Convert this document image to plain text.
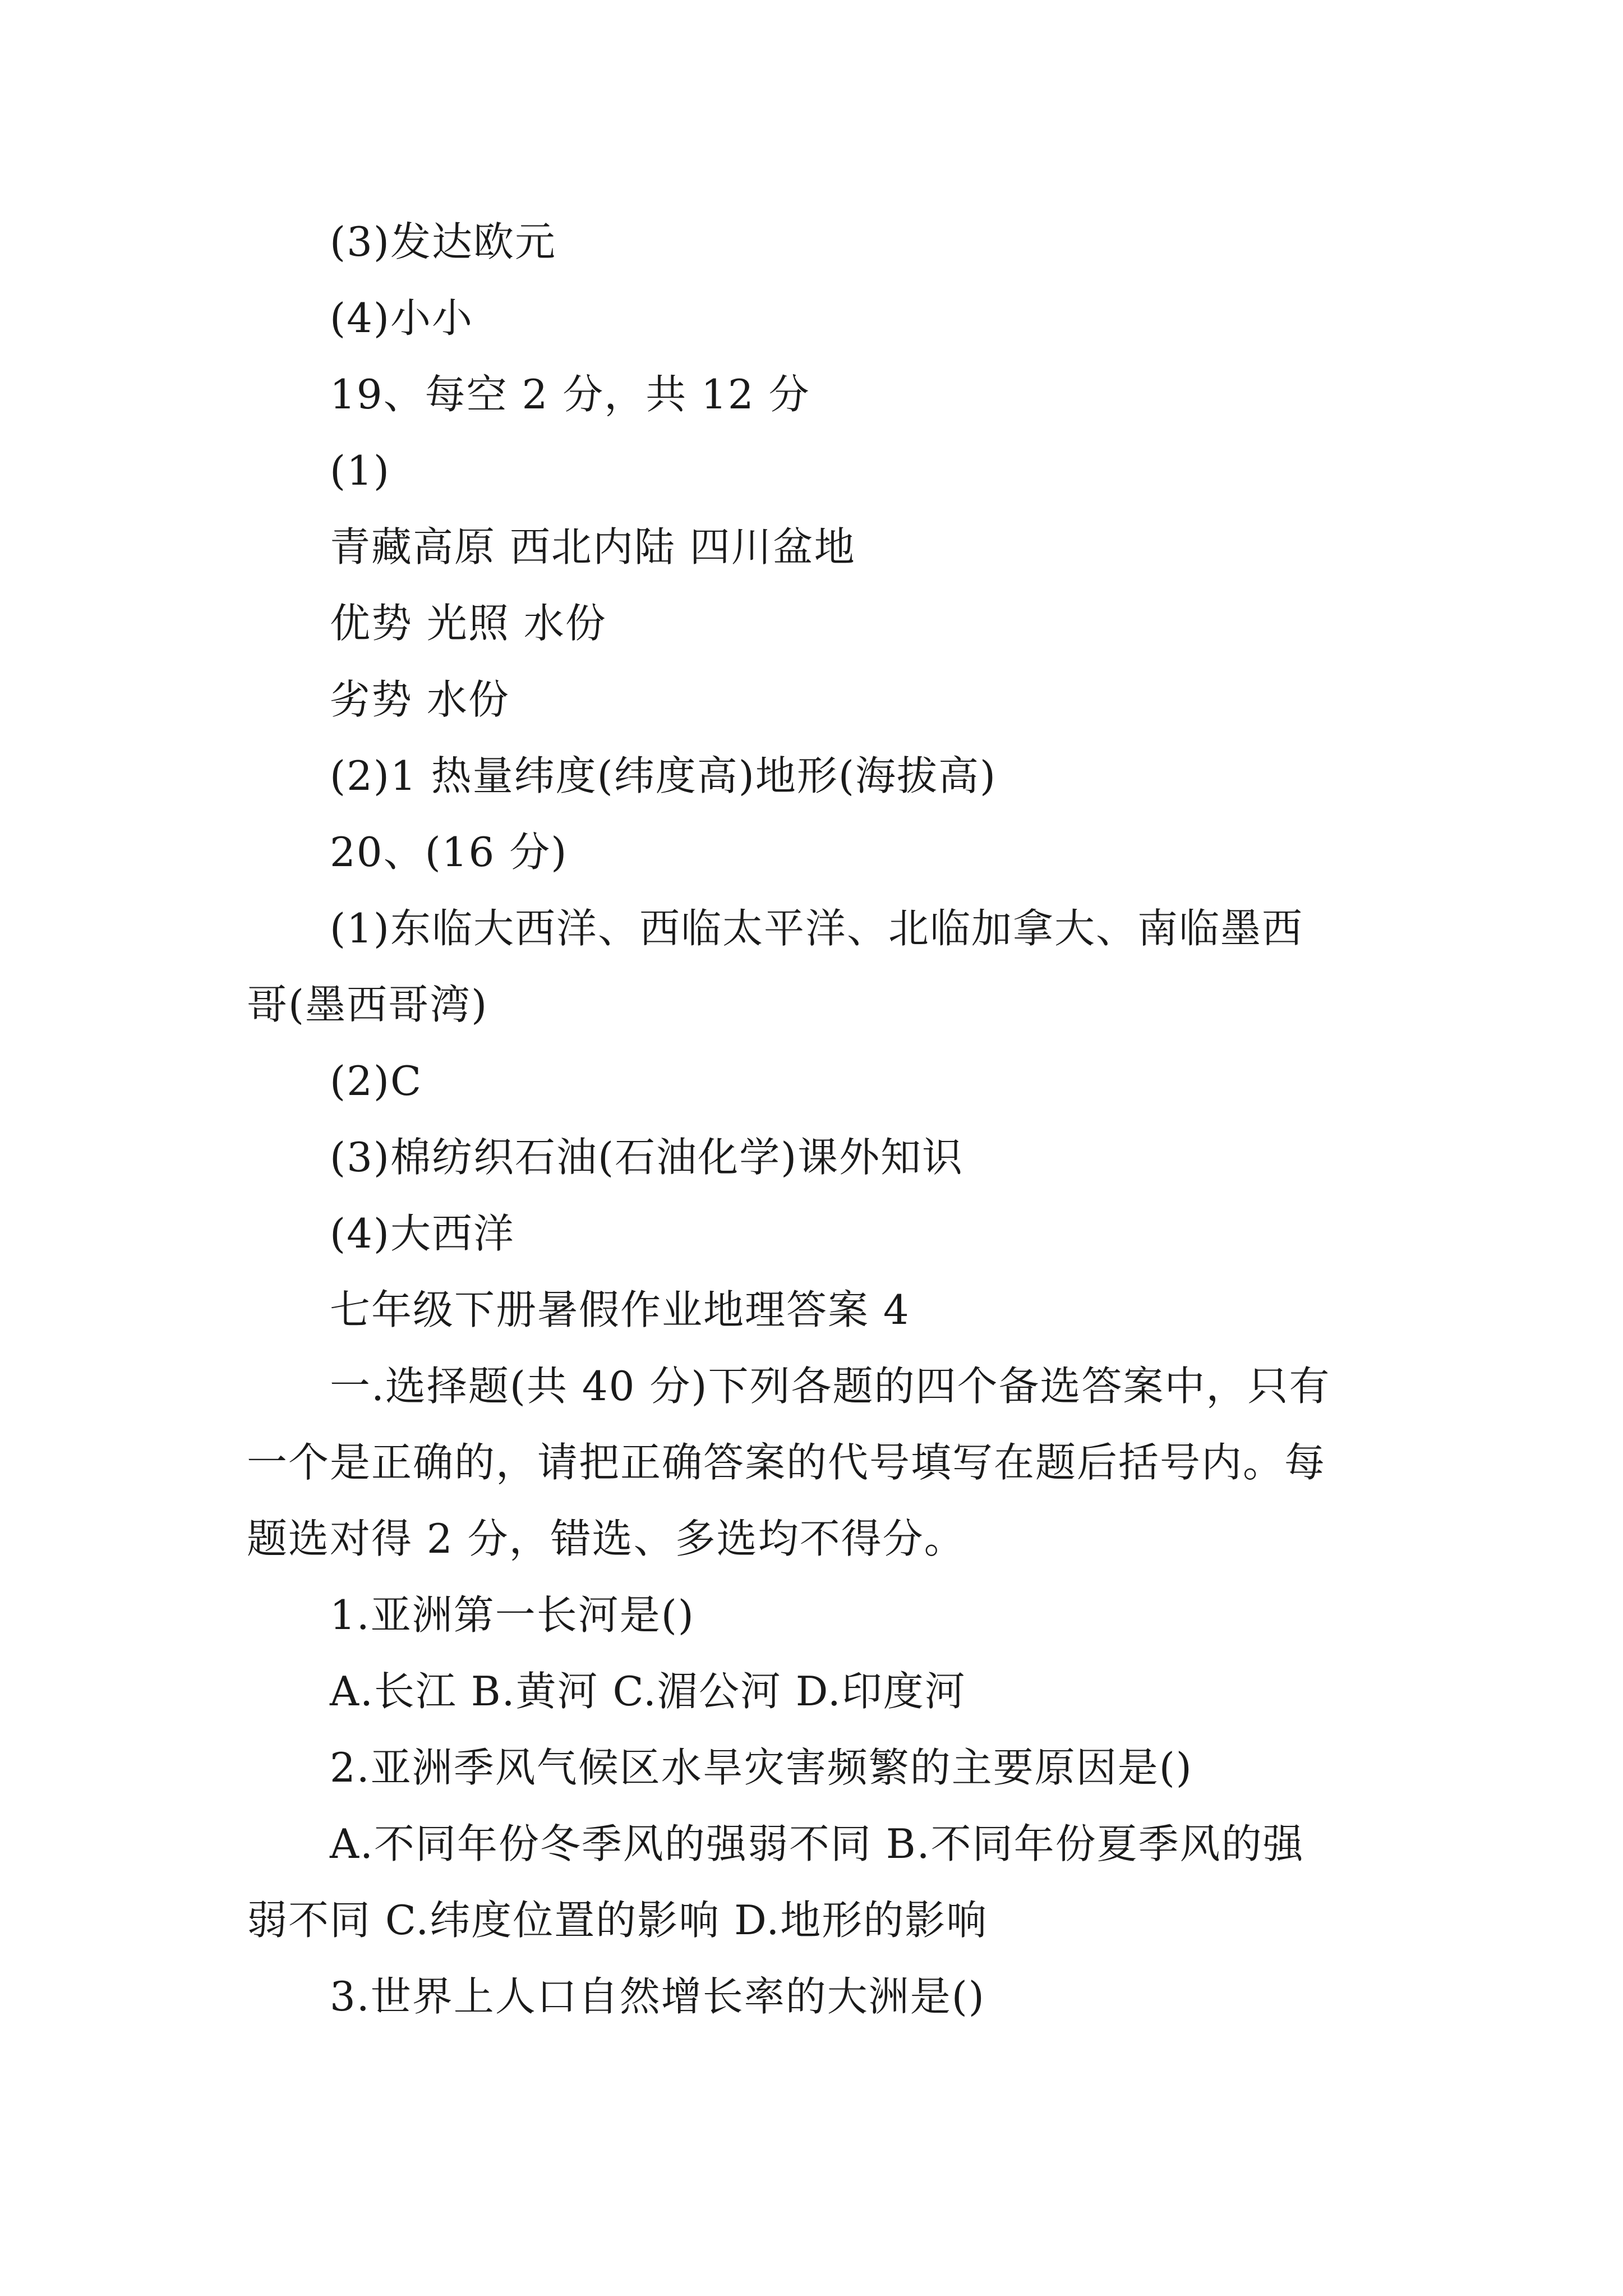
(3)发达欧元
(4)小小
19、每空 2 分，共 12 分
(1)
青藏高原 西北内陆 四川盆地
优势 光照 水份
劣势 水份
(2)1 热量纬度(纬度高)地形(海拔高)
20、(16 分)
(1)东临大西洋、西临太平洋、北临加拿大、南临墨西
哥(墨西哥湾)
(2)C
(3)棉纺织石油(石油化学)课外知识
(4)大西洋
七年级下册暑假作业地理答案 4
一.选择题(共 40 分)下列各题的四个备选答案中，只有
一个是正确的，请把正确答案的代号填写在题后括号内。每
题选对得 2 分，错选、多选均不得分。
1.亚洲第一长河是()
A.长江 B.黄河 C.湄公河 D.印度河
2.亚洲季风气候区水旱灾害频繁的主要原因是()
A.不同年份冬季风的强弱不同 B.不同年份夏季风的强
弱不同 C.纬度位置的影响 D.地形的影响
3.世界上人口自然增长率的大洲是()
